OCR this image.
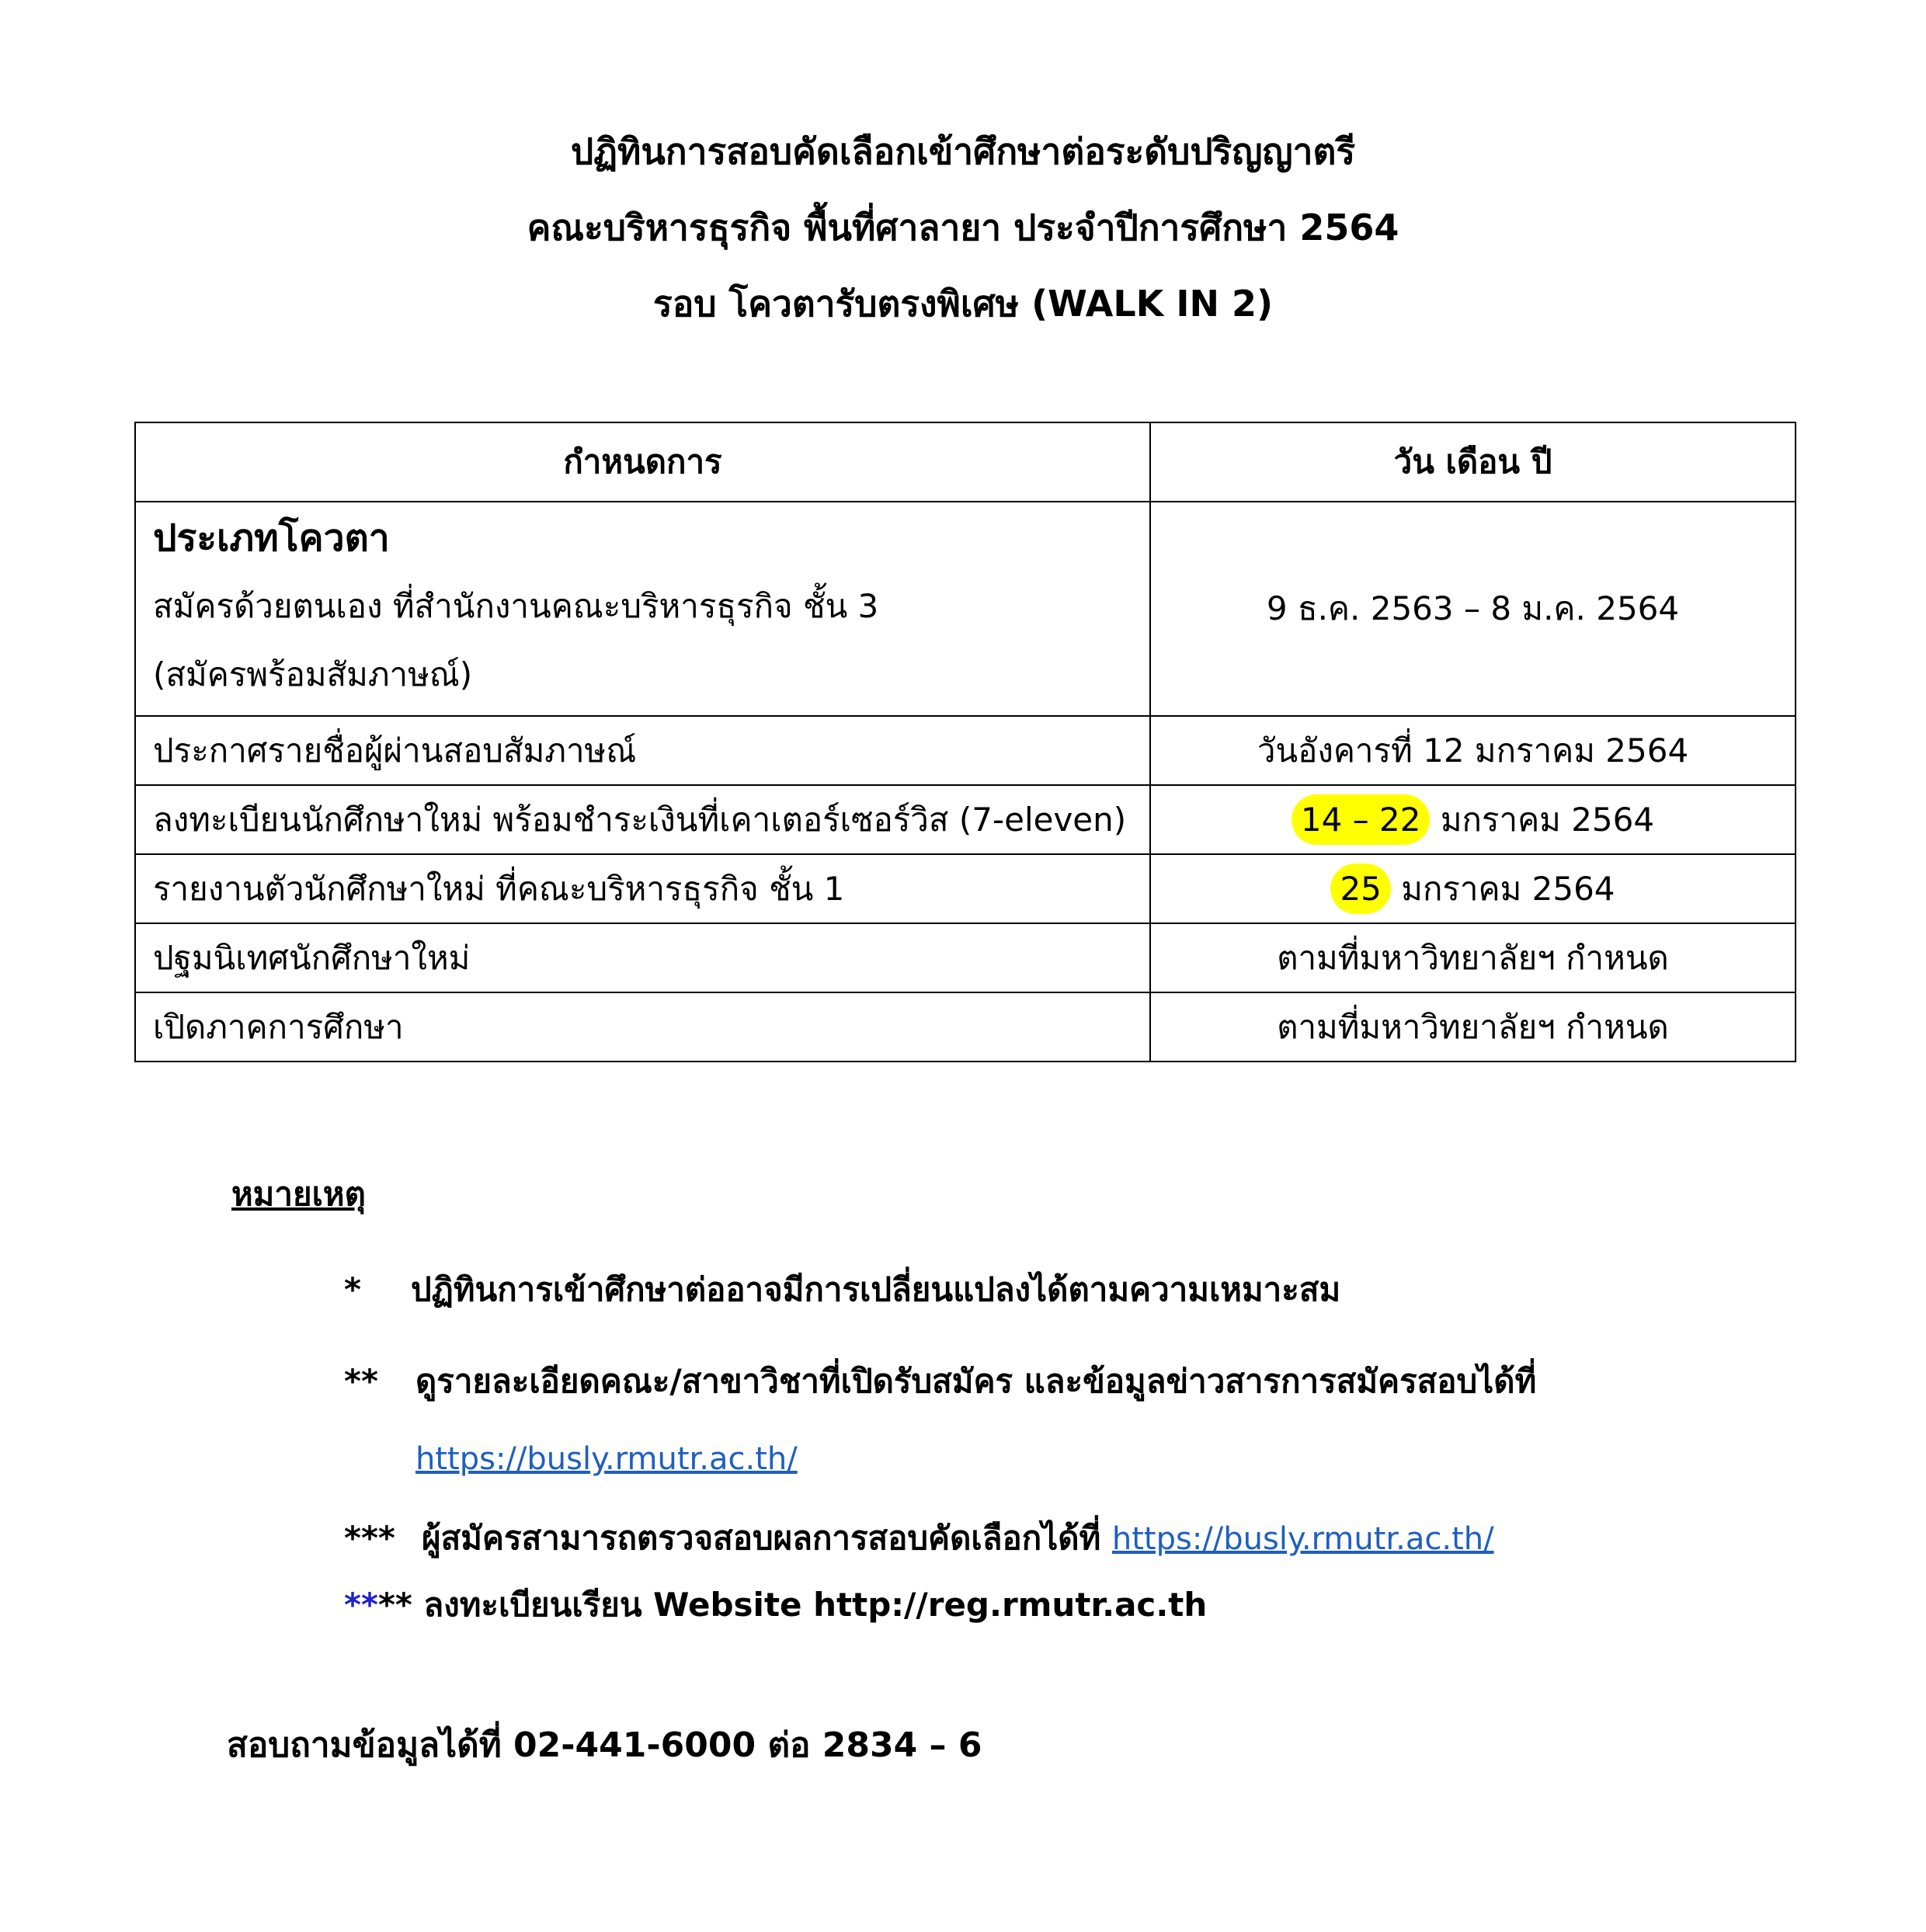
ปฏิทินการสอบคัดเลือกเข้าศึกษาต่อระดับปริญญาตรี
คณะบริหารธุรกิจ พื้นที่ศาลายา ประจำปีการศึกษา 2564
รอบ โควตารับตรงพิเศษ (WALK IN 2)
กำหนดการ	วัน เดือน ปี

ประเภทโควตา
สมัครด้วยตนเอง ที่สำนักงานคณะบริหารธุรกิจ ชั้น 3
(สมัครพร้อมสัมภาษณ์)	9 ธ.ค. 2563 – 8 ม.ค. 2564
ประกาศรายชื่อผู้ผ่านสอบสัมภาษณ์	วันอังคารที่ 12 มกราคม 2564
ลงทะเบียนนักศึกษาใหม่ พร้อมชำระเงินที่เคาเตอร์เซอร์วิส (7-eleven)	14 – 22 มกราคม 2564
รายงานตัวนักศึกษาใหม่ ที่คณะบริหารธุรกิจ ชั้น 1	25 มกราคม 2564
ปฐมนิเทศนักศึกษาใหม่	ตามที่มหาวิทยาลัยฯ กำหนด
เปิดภาคการศึกษา	ตามที่มหาวิทยาลัยฯ กำหนด
หมายเหตุ
* ปฏิทินการเข้าศึกษาต่ออาจมีการเปลี่ยนแปลงได้ตามความเหมาะสม
** ดูรายละเอียดคณะ/สาขาวิชาที่เปิดรับสมัคร และข้อมูลข่าวสารการสมัครสอบได้ที่
https://busly.rmutr.ac.th/
*** ผู้สมัครสามารถตรวจสอบผลการสอบคัดเลือกได้ที่ https://busly.rmutr.ac.th/
**** ลงทะเบียนเรียน Website http://reg.rmutr.ac.th
สอบถามข้อมูลได้ที่ 02-441-6000 ต่อ 2834 – 6
